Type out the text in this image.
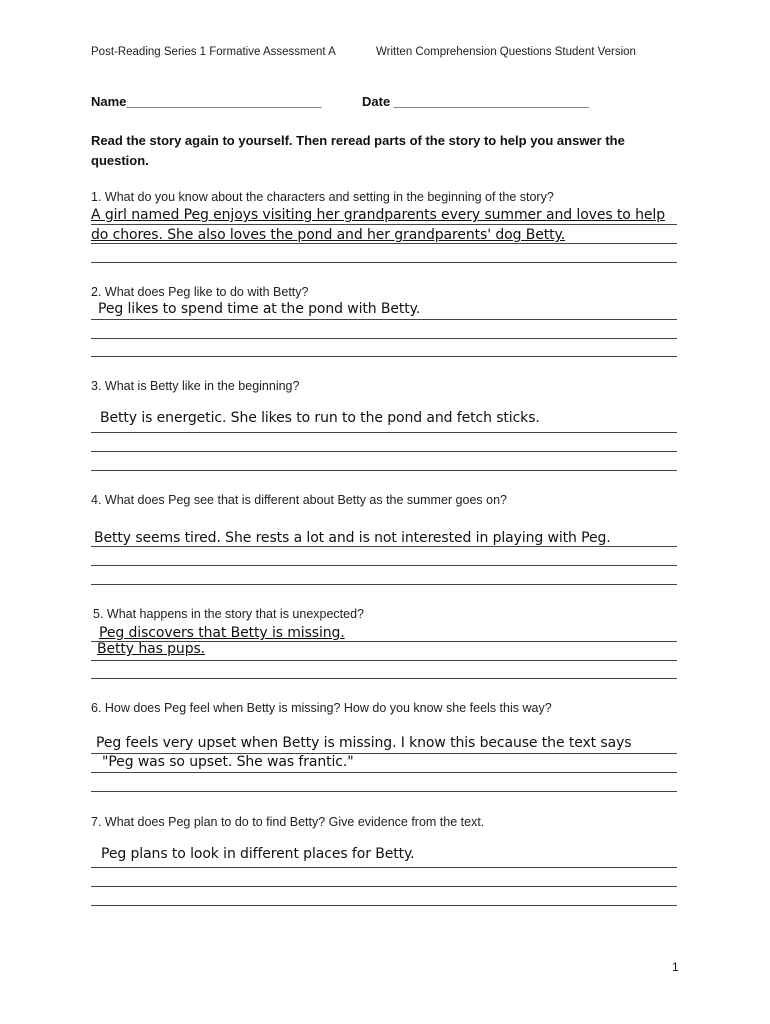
Post-Reading Series 1 Formative Assessment A	Written Comprehension Questions Student Version
Name___________________________	Date ___________________________
Read the story again to yourself. Then reread parts of the story to help you answer the question.
1. What do you know about the characters and setting in the beginning of the story?
A girl named Peg enjoys visiting her grandparents every summer and loves to help
do chores. She also loves the pond and her grandparents' dog Betty.
2. What does Peg like to do with Betty?
Peg likes to spend time at the pond with Betty.
3. What is Betty like in the beginning?
Betty is energetic. She likes to run to the pond and fetch sticks.
4. What does Peg see that is different about Betty as the summer goes on?
Betty seems tired. She rests a lot and is not interested in playing with Peg.
5. What happens in the story that is unexpected?
Peg discovers that Betty is missing.
Betty has pups.
6. How does Peg feel when Betty is missing? How do you know she feels this way?
Peg feels very upset when Betty is missing. I know this because the text says
"Peg was so upset. She was frantic."
7. What does Peg plan to do to find Betty? Give evidence from the text.
Peg plans to look in different places for Betty.
1
